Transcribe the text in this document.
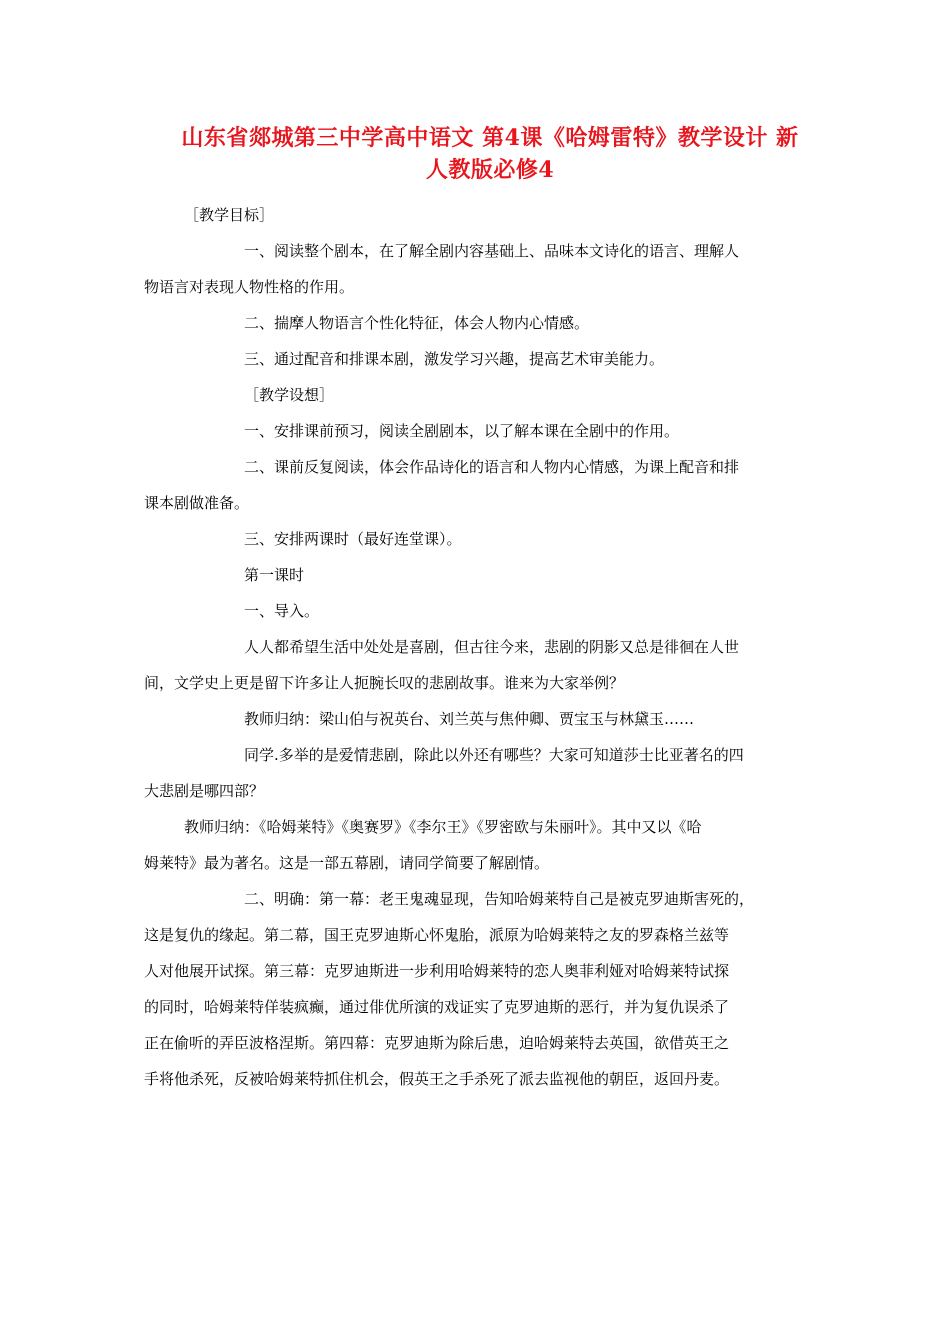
山东省郯城第三中学高中语文 第4课《哈姆雷特》教学设计 新
人教版必修4
［教学目标］
一、阅读整个剧本，在了解全剧内容基础上、品味本文诗化的语言、理解人
物语言对表现人物性格的作用。
二、揣摩人物语言个性化特征，体会人物内心情感。
三、通过配音和排课本剧，激发学习兴趣，提高艺术审美能力。
［教学设想］
一、安排课前预习，阅读全剧剧本，以了解本课在全剧中的作用。
二、课前反复阅读，体会作品诗化的语言和人物内心情感，为课上配音和排
课本剧做准备。
三、安排两课时（最好连堂课）。
第一课时
一、导入。
人人都希望生活中处处是喜剧，但古往今来，悲剧的阴影又总是徘徊在人世
间，文学史上更是留下许多让人扼腕长叹的悲剧故事。谁来为大家举例？
教师归纳：梁山伯与祝英台、刘兰英与焦仲卿、贾宝玉与林黛玉……
同学.多举的是爱情悲剧，除此以外还有哪些？大家可知道莎士比亚著名的四
大悲剧是哪四部？
教师归纳：《哈姆莱特》《奥赛罗》《李尔王》《罗密欧与朱丽叶》。其中又以《哈
姆莱特》最为著名。这是一部五幕剧，请同学简要了解剧情。
二、明确：第一幕：老王鬼魂显现，告知哈姆莱特自己是被克罗迪斯害死的，
这是复仇的缘起。第二幕，国王克罗迪斯心怀鬼胎，派原为哈姆莱特之友的罗森格兰兹等
人对他展开试探。第三幕：克罗迪斯进一步利用哈姆莱特的恋人奥菲利娅对哈姆莱特试探
的同时，哈姆莱特佯装疯癫，通过俳优所演的戏证实了克罗迪斯的恶行，并为复仇误杀了
正在偷听的弄臣波格涅斯。第四幕：克罗迪斯为除后患，迫哈姆莱特去英国，欲借英王之
手将他杀死，反被哈姆莱特抓住机会，假英王之手杀死了派去监视他的朝臣，返回丹麦。
